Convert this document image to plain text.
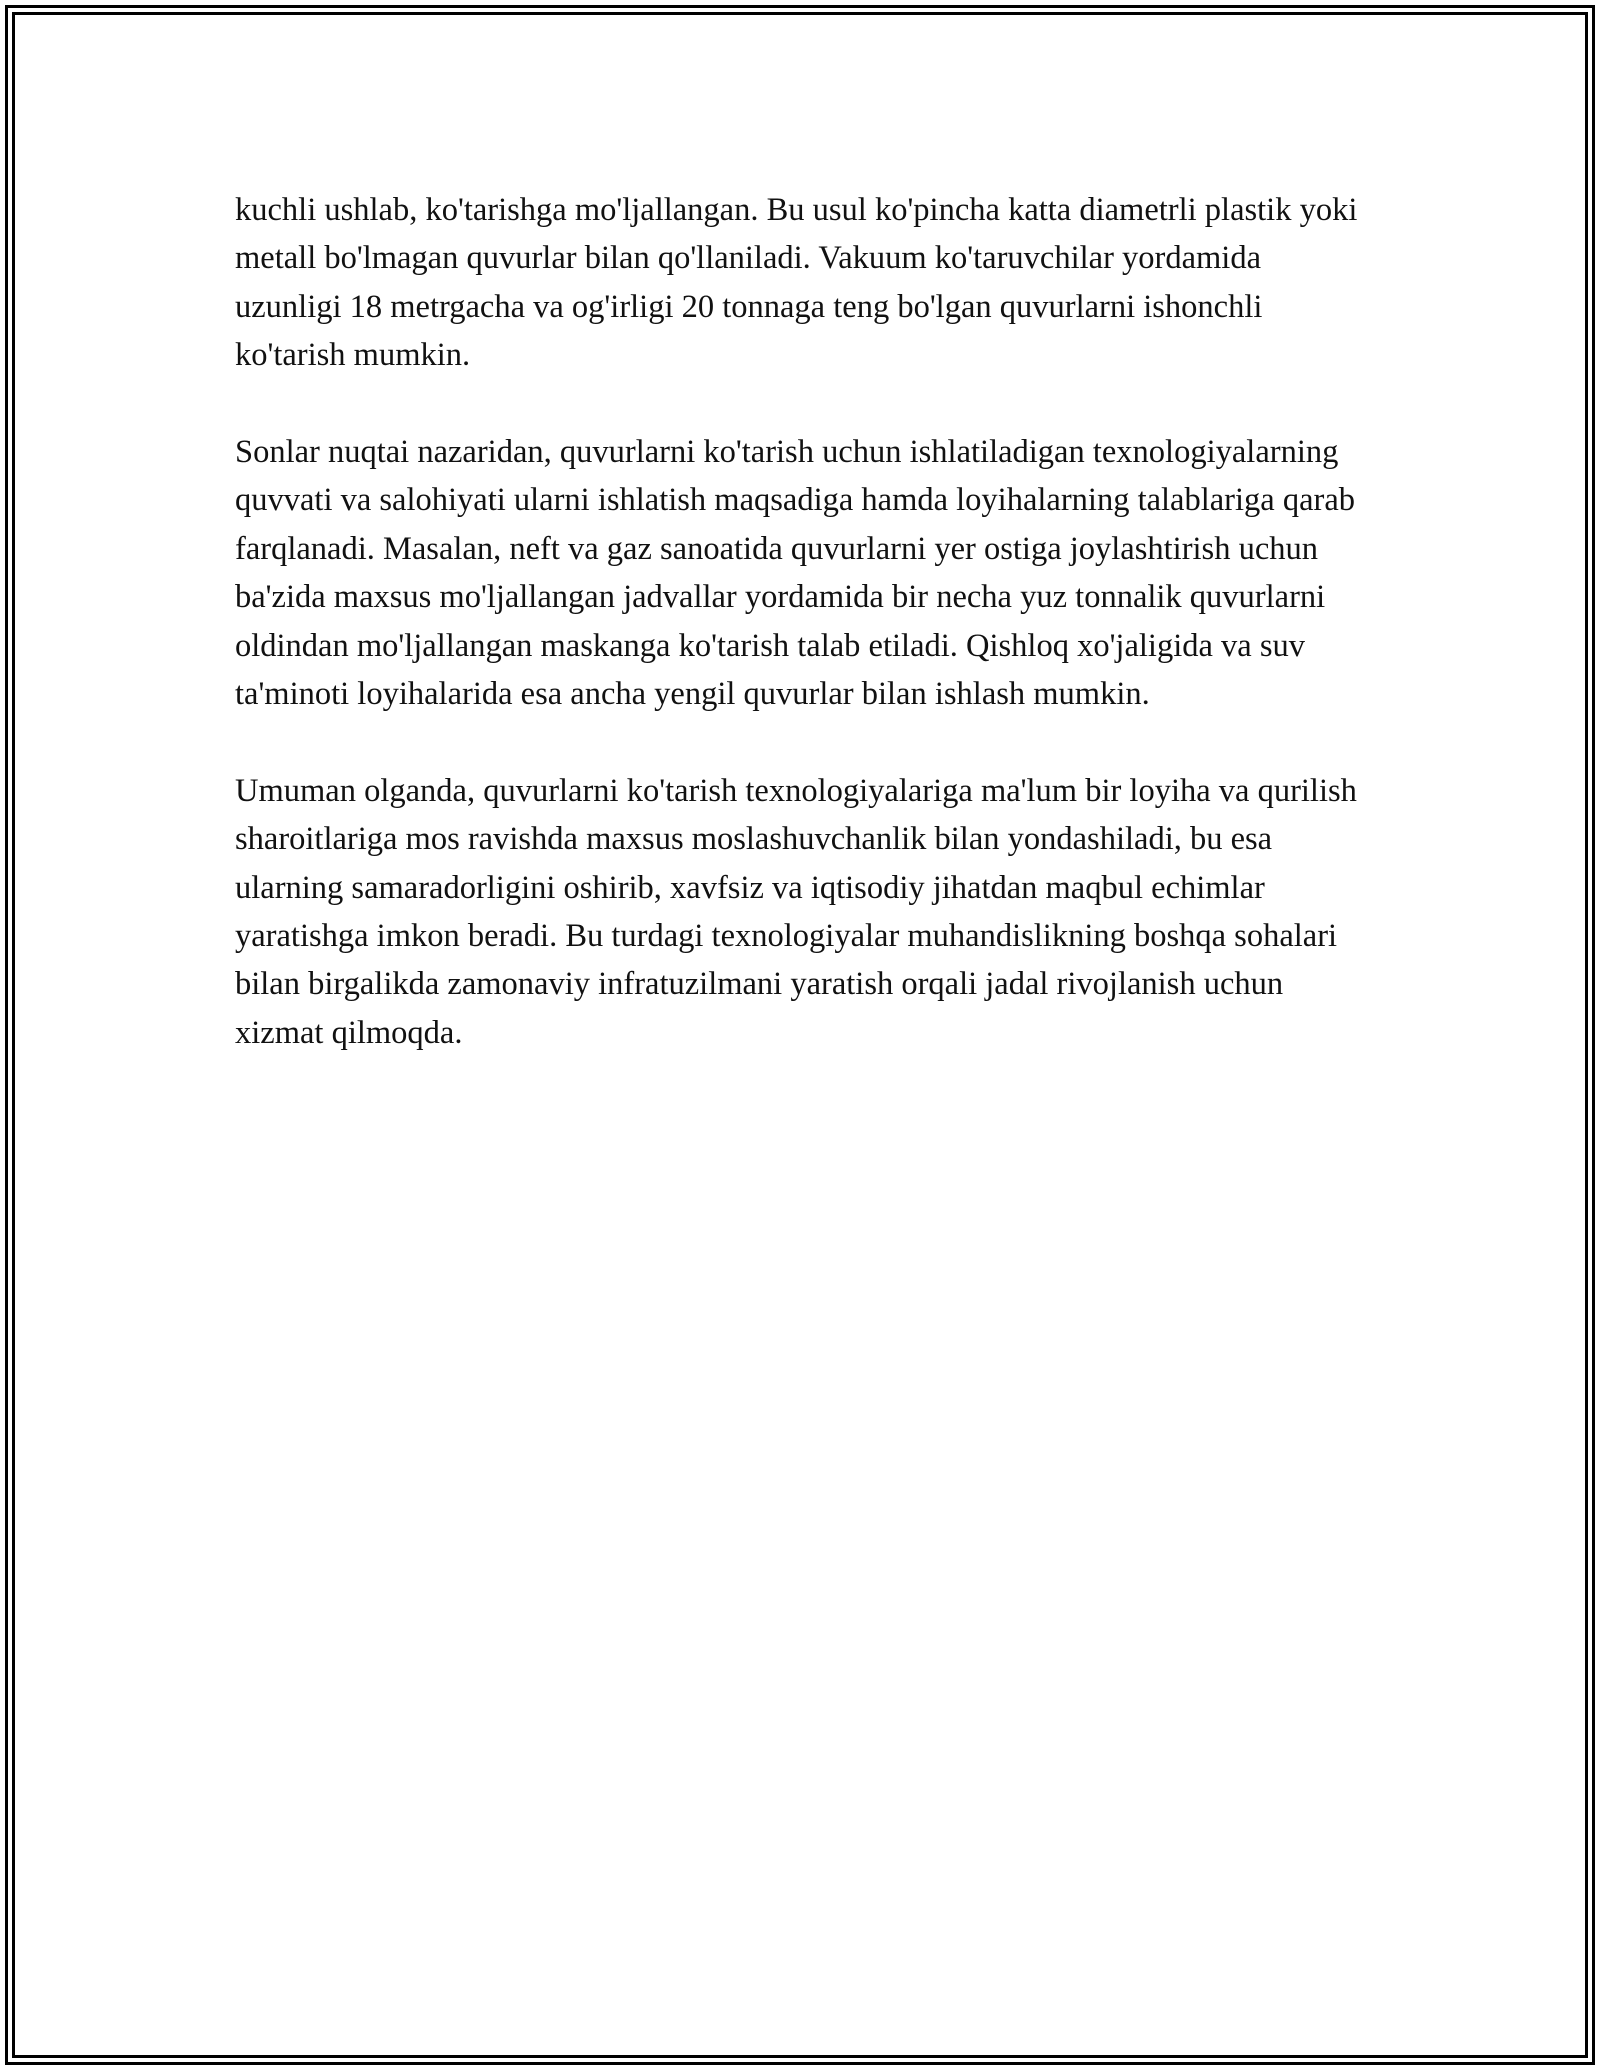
kuchli ushlab, ko'tarishga mo'ljallangan. Bu usul ko'pincha katta diametrli plastik yoki metall bo'lmagan quvurlar bilan qo'llaniladi. Vakuum ko'taruvchilar yordamida uzunligi 18 metrgacha va og'irligi 20 tonnaga teng bo'lgan quvurlarni ishonchli ko'tarish mumkin.

Sonlar nuqtai nazaridan, quvurlarni ko'tarish uchun ishlatiladigan texnologiyalarning quvvati va salohiyati ularni ishlatish maqsadiga hamda loyihalarning talablariga qarab farqlanadi. Masalan, neft va gaz sanoatida quvurlarni yer ostiga joylashtirish uchun ba'zida maxsus mo'ljallangan jadvallar yordamida bir necha yuz tonnalik quvurlarni oldindan mo'ljallangan maskanga ko'tarish talab etiladi. Qishloq xo'jaligida va suv ta'minoti loyihalarida esa ancha yengil quvurlar bilan ishlash mumkin.

Umuman olganda, quvurlarni ko'tarish texnologiyalariga ma'lum bir loyiha va qurilish sharoitlariga mos ravishda maxsus moslashuvchanlik bilan yondashiladi, bu esa ularning samaradorligini oshirib, xavfsiz va iqtisodiy jihatdan maqbul echimlar yaratishga imkon beradi. Bu turdagi texnologiyalar muhandislikning boshqa sohalari bilan birgalikda zamonaviy infratuzilmani yaratish orqali jadal rivojlanish uchun xizmat qilmoqda.
